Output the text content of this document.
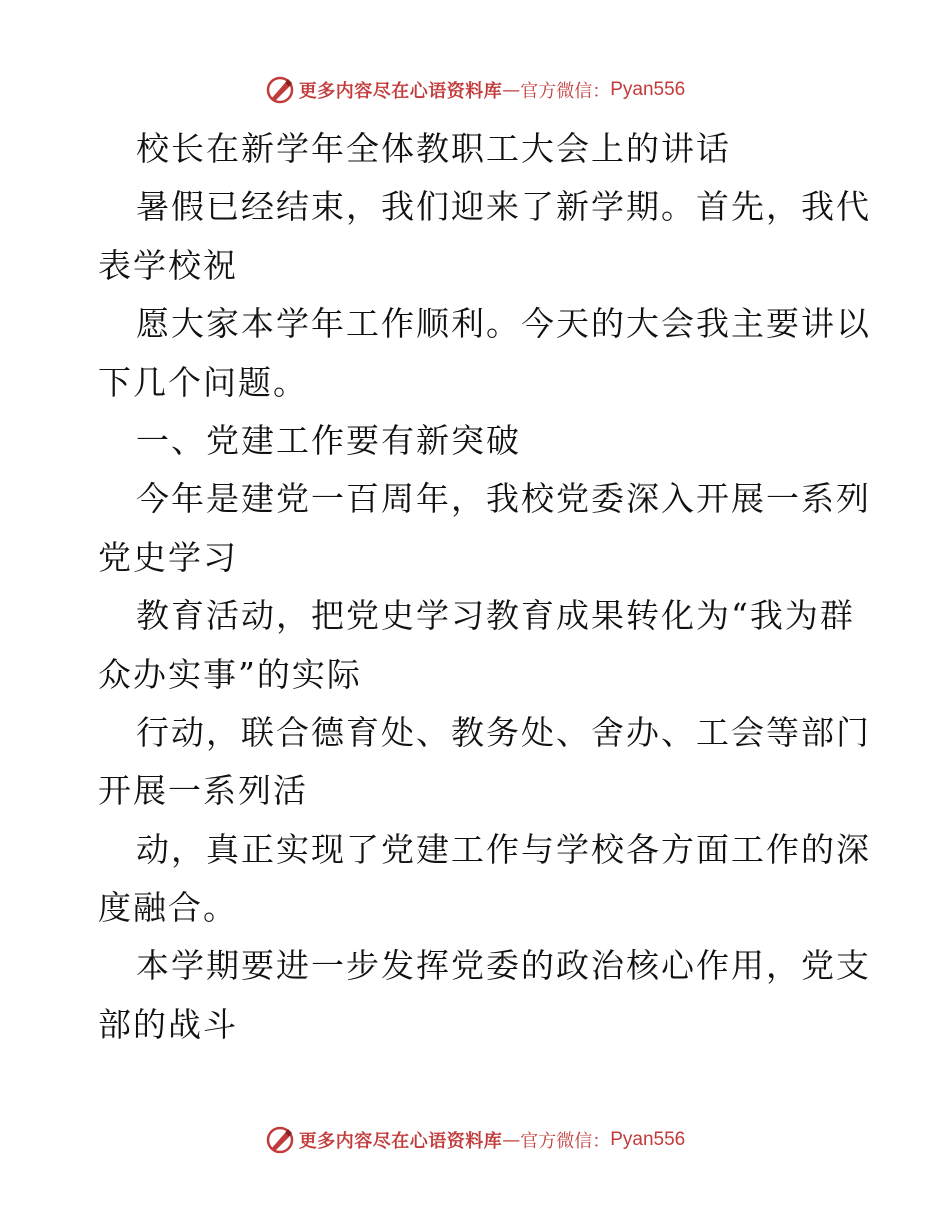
更多内容尽在心语资料库 — 官方微信： Pyan556
校长在新学年全体教职工大会上的讲话
暑假已经结束，我们迎来了新学期。首先，我代
表学校祝
愿大家本学年工作顺利。今天的大会我主要讲以
下几个问题。
一、党建工作要有新突破
今年是建党一百周年，我校党委深入开展一系列
党史学习
教育活动，把党史学习教育成果转化为“我为群
众办实事”的实际
行动，联合德育处、教务处、舍办、工会等部门
开展一系列活
动，真正实现了党建工作与学校各方面工作的深
度融合。
本学期要进一步发挥党委的政治核心作用，党支
部的战斗
更多内容尽在心语资料库 — 官方微信： Pyan556
